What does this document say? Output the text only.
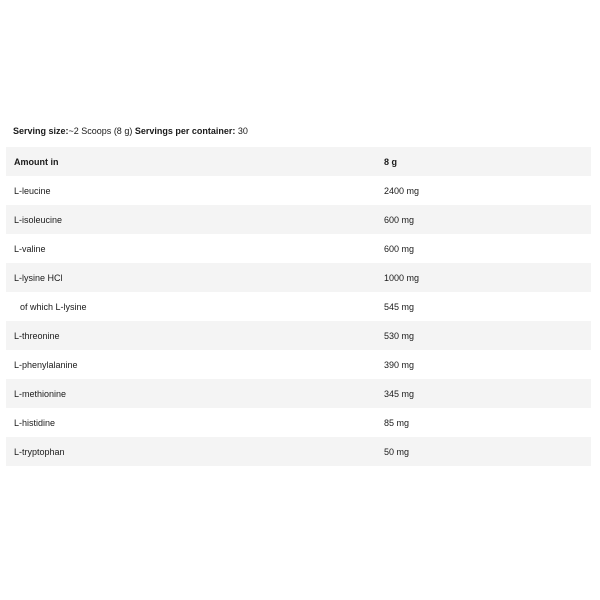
Serving size:~2 Scoops (8 g) Servings per container: 30
Amount in	8 g
L-leucine	2400 mg
L-isoleucine	600 mg
L-valine	600 mg
L-lysine HCl	1000 mg
of which L-lysine	545 mg
L-threonine	530 mg
L-phenylalanine	390 mg
L-methionine	345 mg
L-histidine	85 mg
L-tryptophan	50 mg
